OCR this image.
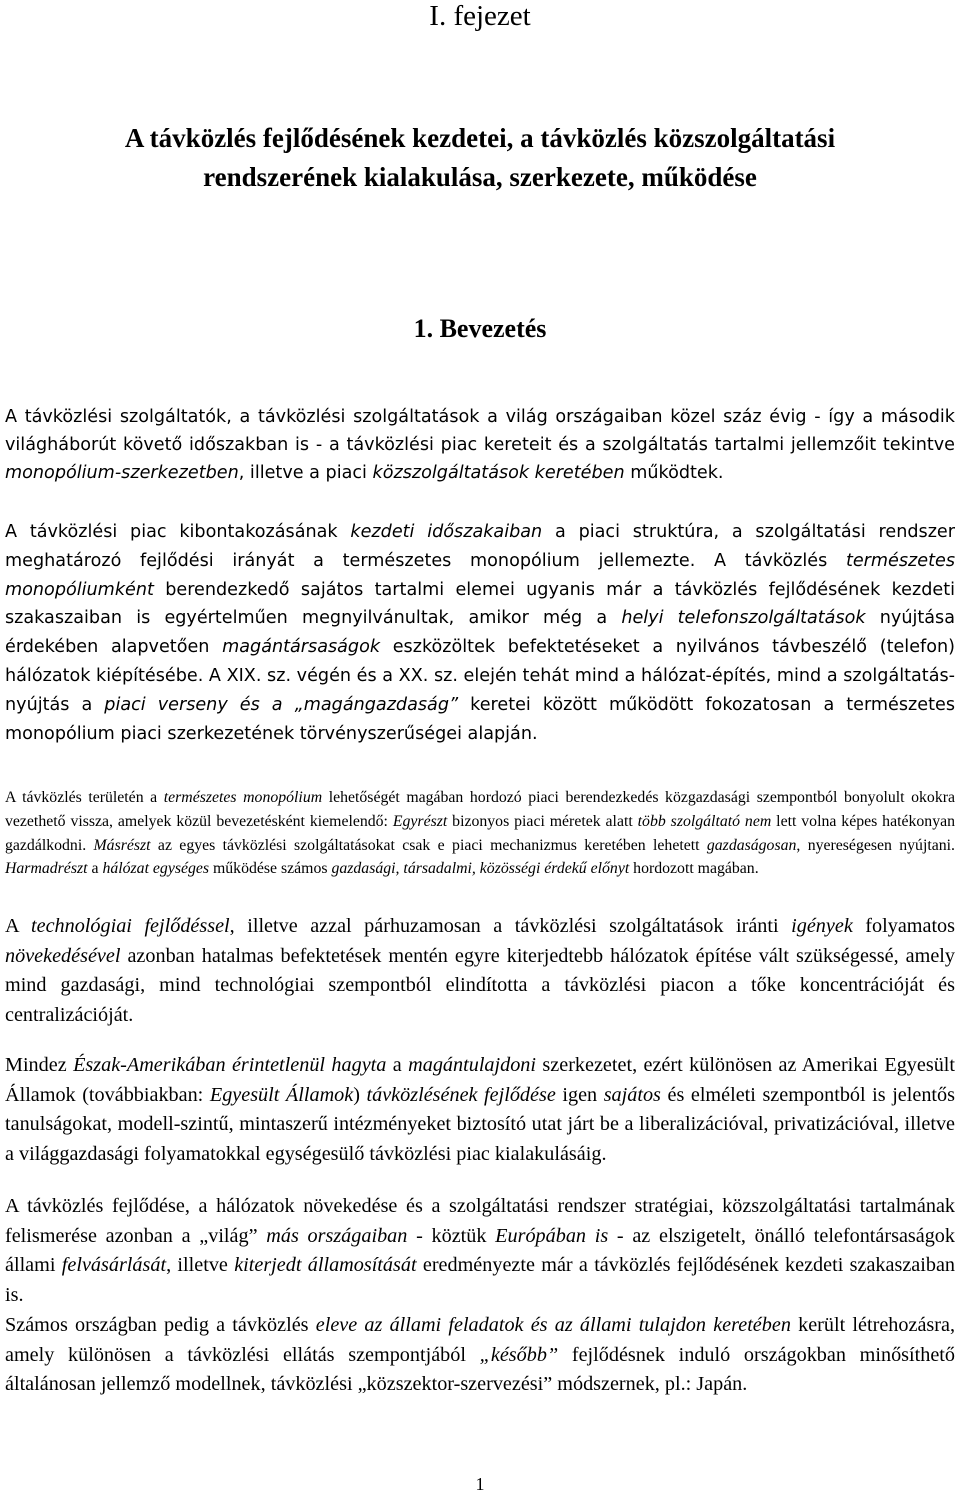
I. fejezet
A távközlés fejlődésének kezdetei, a távközlés közszolgáltatási
rendszerének kialakulása, szerkezete, működése
1. Bevezetés

A távközlési szolgáltatók, a távközlési szolgáltatások a világ országaiban közel száz évig - így a második világháborút követő időszakban is - a távközlési piac kereteit és a szolgáltatás tartalmi jellemzőit tekintve monopólium-szerkezetben, illetve a piaci közszolgáltatások keretében működtek.

A távközlési piac kibontakozásának kezdeti időszakaiban a piaci struktúra, a szolgáltatási rendszer meghatározó fejlődési irányát a természetes monopólium jellemezte. A távközlés természetes monopóliumként berendezkedő sajátos tartalmi elemei ugyanis már a távközlés fejlődésének kezdeti szakaszaiban is egyértelműen megnyilvánultak, amikor még a helyi telefonszolgáltatások nyújtása érdekében alapvetően magántársaságok eszközöltek befektetéseket a nyilvános távbeszélő (telefon) hálózatok kiépítésébe. A XIX. sz. végén és a XX. sz. elején tehát mind a hálózat-építés, mind a szolgáltatás-nyújtás a piaci verseny és a „magángazdaság” keretei között működött fokozatosan a természetes monopólium piaci szerkezetének törvényszerűségei alapján.

A távközlés területén a természetes monopólium lehetőségét magában hordozó piaci berendezkedés közgazdasági szempontból bonyolult okokra vezethető vissza, amelyek közül bevezetésként kiemelendő: Egyrészt bizonyos piaci méretek alatt több szolgáltató nem lett volna képes hatékonyan gazdálkodni. Másrészt az egyes távközlési szolgáltatásokat csak e piaci mechanizmus keretében lehetett gazdaságosan, nyereségesen nyújtani. Harmadrészt a hálózat egységes működése számos gazdasági, társadalmi, közösségi érdekű előnyt hordozott magában.

A technológiai fejlődéssel, illetve azzal párhuzamosan a távközlési szolgáltatások iránti igények folyamatos növekedésével azonban hatalmas befektetések mentén egyre kiterjedtebb hálózatok építése vált szükségessé, amely mind gazdasági, mind technológiai szempontból elindította a távközlési piacon a tőke koncentrációját és centralizációját.

Mindez Észak-Amerikában érintetlenül hagyta a magántulajdoni szerkezetet, ezért különösen az Amerikai Egyesült Államok (továbbiakban: Egyesült Államok) távközlésének fejlődése igen sajátos és elméleti szempontból is jelentős tanulságokat, modell-szintű, mintaszerű intézményeket biztosító utat járt be a liberalizációval, privatizációval, illetve a világgazdasági folyamatokkal egységesülő távközlési piac kialakulásáig.

A távközlés fejlődése, a hálózatok növekedése és a szolgáltatási rendszer stratégiai, közszolgáltatási tartalmának felismerése azonban a „világ” más országaiban - köztük Európában is - az elszigetelt, önálló telefontársaságok állami felvásárlását, illetve kiterjedt államosítását eredményezte már a távközlés fejlődésének kezdeti szakaszaiban is.

Számos országban pedig a távközlés eleve az állami feladatok és az állami tulajdon keretében került létrehozásra, amely különösen a távközlési ellátás szempontjából „később” fejlődésnek induló országokban minősíthető általánosan jellemző modellnek, távközlési „közszektor-szervezési” módszernek, pl.: Japán.

1
